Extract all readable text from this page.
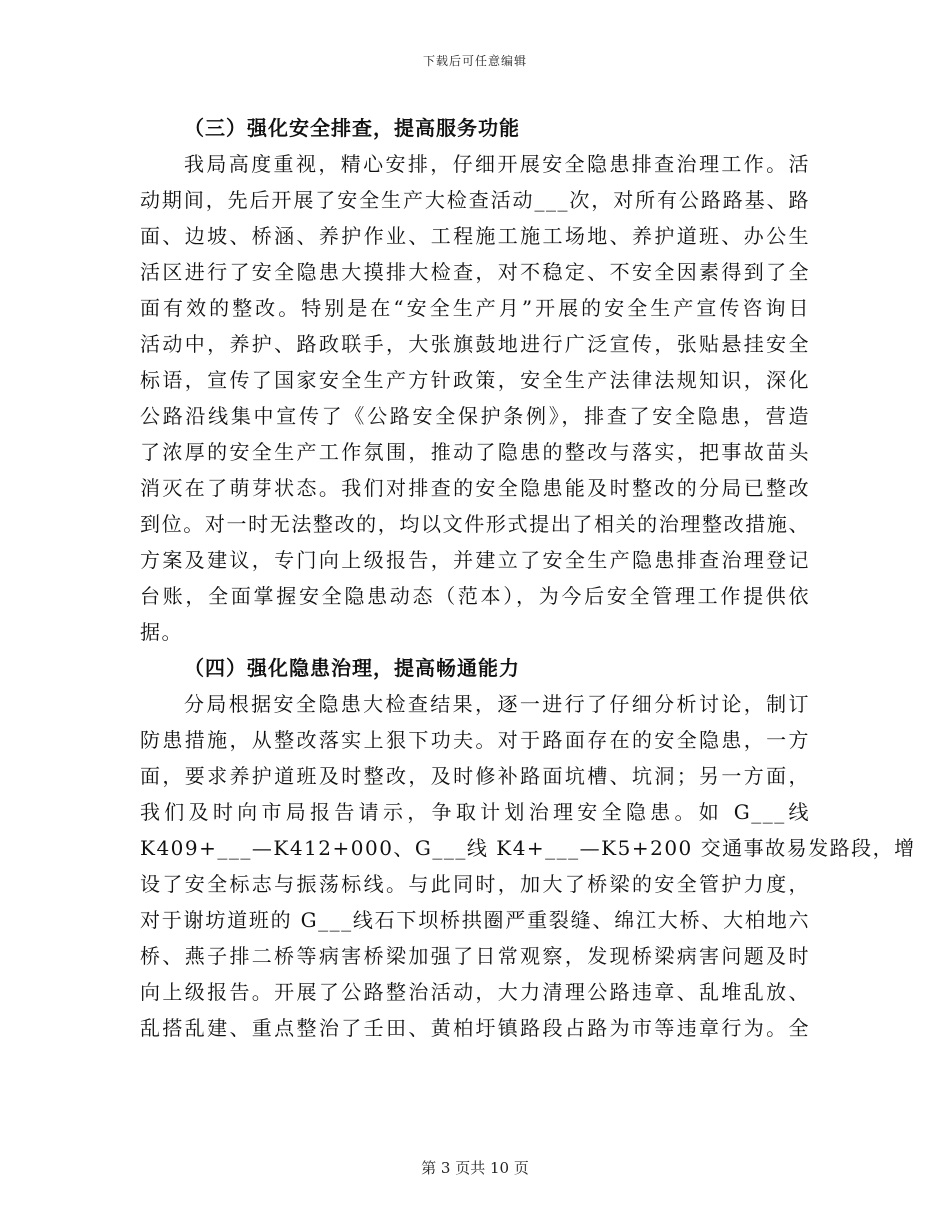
下载后可任意编辑
（三）强化安全排查，提高服务功能
我局高度重视，精心安排，仔细开展安全隐患排查治理工作。活
动期间，先后开展了安全生产大检查活动___次，对所有公路路基、路
面、边坡、桥涵、养护作业、工程施工施工场地、养护道班、办公生
活区进行了安全隐患大摸排大检查，对不稳定、不安全因素得到了全
面有效的整改。特别是在“安全生产月”开展的安全生产宣传咨询日
活动中，养护、路政联手，大张旗鼓地进行广泛宣传，张贴悬挂安全
标语，宣传了国家安全生产方针政策，安全生产法律法规知识，深化
公路沿线集中宣传了《公路安全保护条例》，排查了安全隐患，营造
了浓厚的安全生产工作氛围，推动了隐患的整改与落实，把事故苗头
消灭在了萌芽状态。我们对排查的安全隐患能及时整改的分局已整改
到位。对一时无法整改的，均以文件形式提出了相关的治理整改措施、
方案及建议，专门向上级报告，并建立了安全生产隐患排查治理登记
台账，全面掌握安全隐患动态（范本），为今后安全管理工作提供依
据。
（四）强化隐患治理，提高畅通能力
分局根据安全隐患大检查结果，逐一进行了仔细分析讨论，制订
防患措施，从整改落实上狠下功夫。对于路面存在的安全隐患，一方
面，要求养护道班及时整改，及时修补路面坑槽、坑洞；另一方面，
我们及时向市局报告请示，争取计划治理安全隐患。如 G___线
K409+___—K412+000、G___线 K4+___—K5+200 交通事故易发路段，增
设了安全标志与振荡标线。与此同时，加大了桥梁的安全管护力度，
对于谢坊道班的 G___线石下坝桥拱圈严重裂缝、绵江大桥、大柏地六
桥、燕子排二桥等病害桥梁加强了日常观察，发现桥梁病害问题及时
向上级报告。开展了公路整治活动，大力清理公路违章、乱堆乱放、
乱搭乱建、重点整治了壬田、黄柏圩镇路段占路为市等违章行为。全
第 3 页共 10 页
